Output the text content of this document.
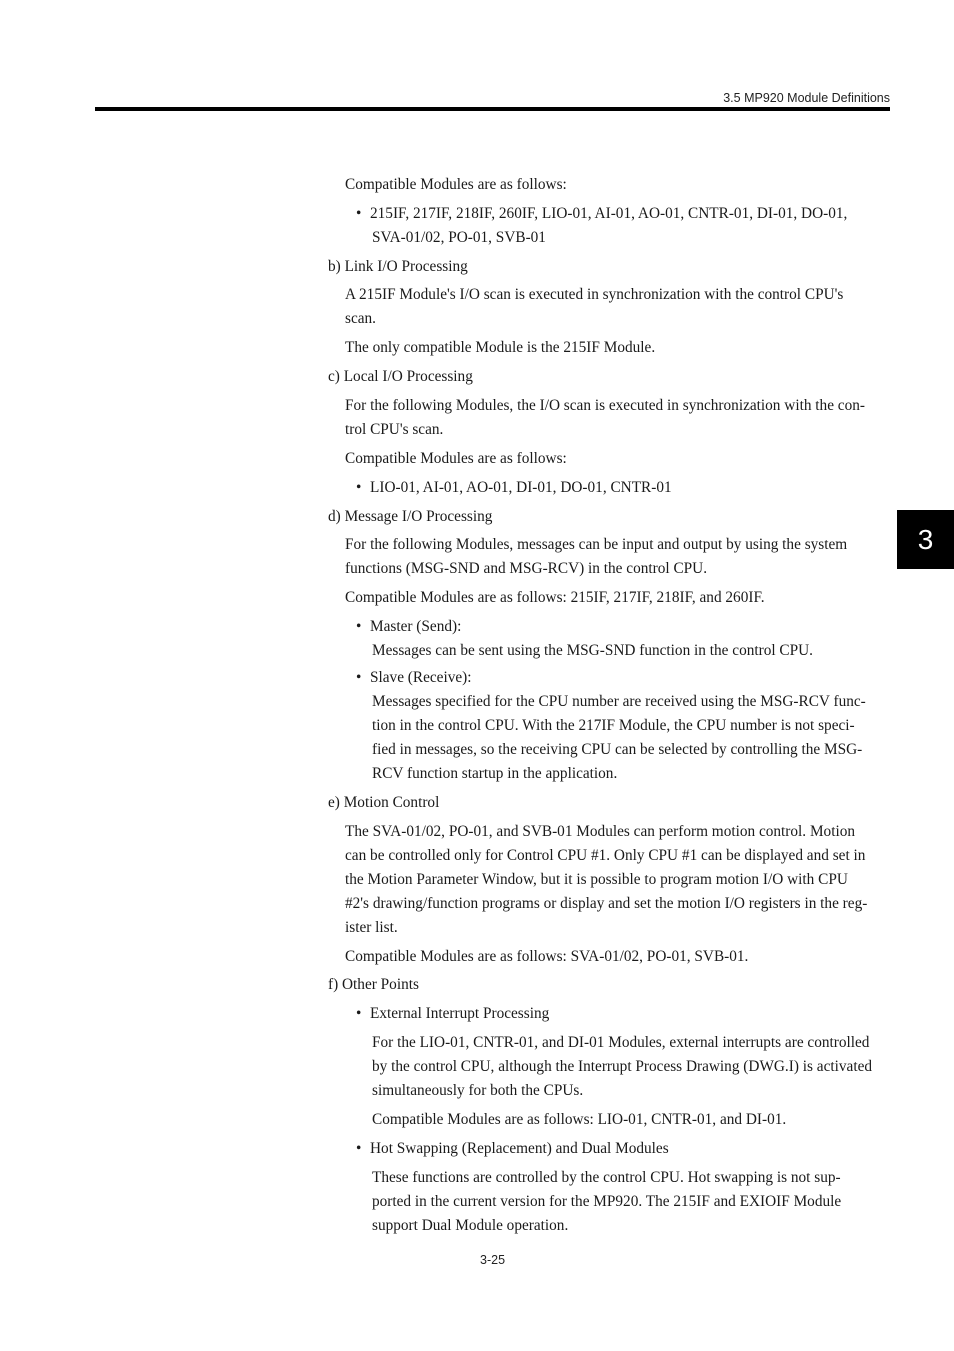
3.5 MP920 Module Definitions
3
Compatible Modules are as follows:
• 215IF, 217IF, 218IF, 260IF, LIO-01, AI-01, AO-01, CNTR-01, DI-01, DO-01,
SVA-01/02, PO-01, SVB-01
b) Link I/O Processing
A 215IF Module's I/O scan is executed in synchronization with the control CPU's
scan.
The only compatible Module is the 215IF Module.
c) Local I/O Processing
For the following Modules, the I/O scan is executed in synchronization with the con-
trol CPU's scan.
Compatible Modules are as follows:
• LIO-01, AI-01, AO-01, DI-01, DO-01, CNTR-01
d) Message I/O Processing
For the following Modules, messages can be input and output by using the system
functions (MSG-SND and MSG-RCV) in the control CPU.
Compatible Modules are as follows: 215IF, 217IF, 218IF, and 260IF.
• Master (Send):
Messages can be sent using the MSG-SND function in the control CPU.
• Slave (Receive):
Messages specified for the CPU number are received using the MSG-RCV func-
tion in the control CPU. With the 217IF Module, the CPU number is not speci-
fied in messages, so the receiving CPU can be selected by controlling the MSG-
RCV function startup in the application.
e) Motion Control
The SVA-01/02, PO-01, and SVB-01 Modules can perform motion control. Motion
can be controlled only for Control CPU #1. Only CPU #1 can be displayed and set in
the Motion Parameter Window, but it is possible to program motion I/O with CPU
#2's drawing/function programs or display and set the motion I/O registers in the reg-
ister list.
Compatible Modules are as follows: SVA-01/02, PO-01, SVB-01.
f) Other Points
• External Interrupt Processing
For the LIO-01, CNTR-01, and DI-01 Modules, external interrupts are controlled
by the control CPU, although the Interrupt Process Drawing (DWG.I) is activated
simultaneously for both the CPUs.
Compatible Modules are as follows: LIO-01, CNTR-01, and DI-01.
• Hot Swapping (Replacement) and Dual Modules
These functions are controlled by the control CPU. Hot swapping is not sup-
ported in the current version for the MP920. The 215IF and EXIOIF Module
support Dual Module operation.
3-25
